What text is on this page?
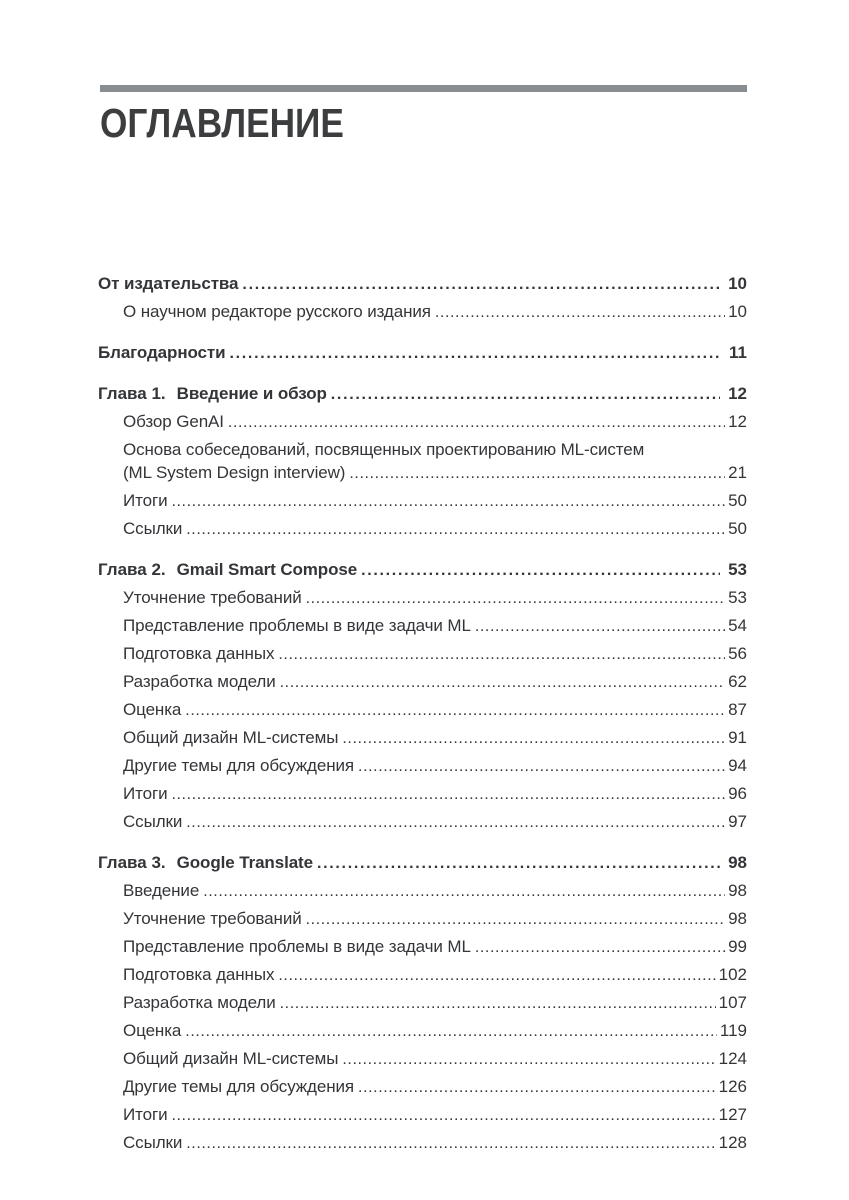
ОГЛАВЛЕНИЕ
От издательства .....	10
О научном редакторе русского издания .....	10
Благодарности .....	11
Глава 1. Введение и обзор .....	12
Обзор GenAI .....	12
Основа собеседований, посвященных проектированию ML-систем
(ML System Design interview) .....	21
Итоги .....	50
Ссылки .....	50
Глава 2. Gmail Smart Compose .....	53
Уточнение требований .....	53
Представление проблемы в виде задачи ML .....	54
Подготовка данных .....	56
Разработка модели .....	62
Оценка .....	87
Общий дизайн ML-системы .....	91
Другие темы для обсуждения .....	94
Итоги .....	96
Ссылки .....	97
Глава 3. Google Translate .....	98
Введение .....	98
Уточнение требований .....	98
Представление проблемы в виде задачи ML .....	99
Подготовка данных .....	102
Разработка модели .....	107
Оценка .....	119
Общий дизайн ML-системы .....	124
Другие темы для обсуждения .....	126
Итоги .....	127
Ссылки .....	128
